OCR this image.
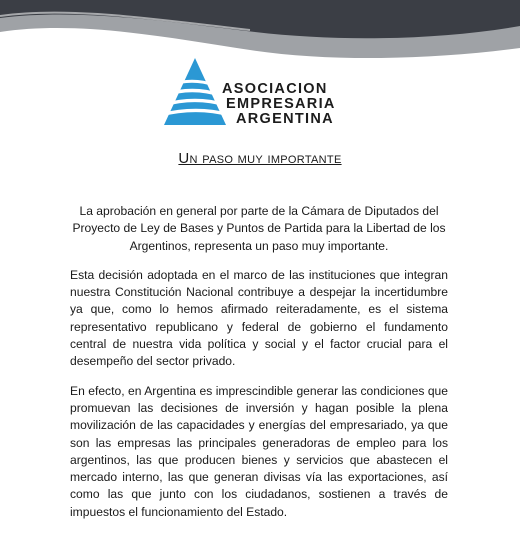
ASOCIACION
EMPRESARIA
ARGENTINA
Un paso muy importante

La aprobación en general por parte de la Cámara de Diputados del Proyecto de Ley de Bases y Puntos de Partida para la Libertad de los Argentinos, representa un paso muy importante.

Esta decisión adoptada en el marco de las instituciones que integran nuestra Constitución Nacional contribuye a despejar la incertidumbre ya que, como lo hemos afirmado reiteradamente, es el sistema representativo republicano y federal de gobierno el fundamento central de nuestra vida política y social y el factor crucial para el desempeño del sector privado.

En efecto, en Argentina es imprescindible generar las condiciones que promuevan las decisiones de inversión y hagan posible la plena movilización de las capacidades y energías del empresariado, ya que son las empresas las principales generadoras de empleo para los argentinos, las que producen bienes y servicios que abastecen el mercado interno, las que generan divisas vía las exportaciones, así como las que junto con los ciudadanos, sostienen a través de impuestos el funcionamiento del Estado.
